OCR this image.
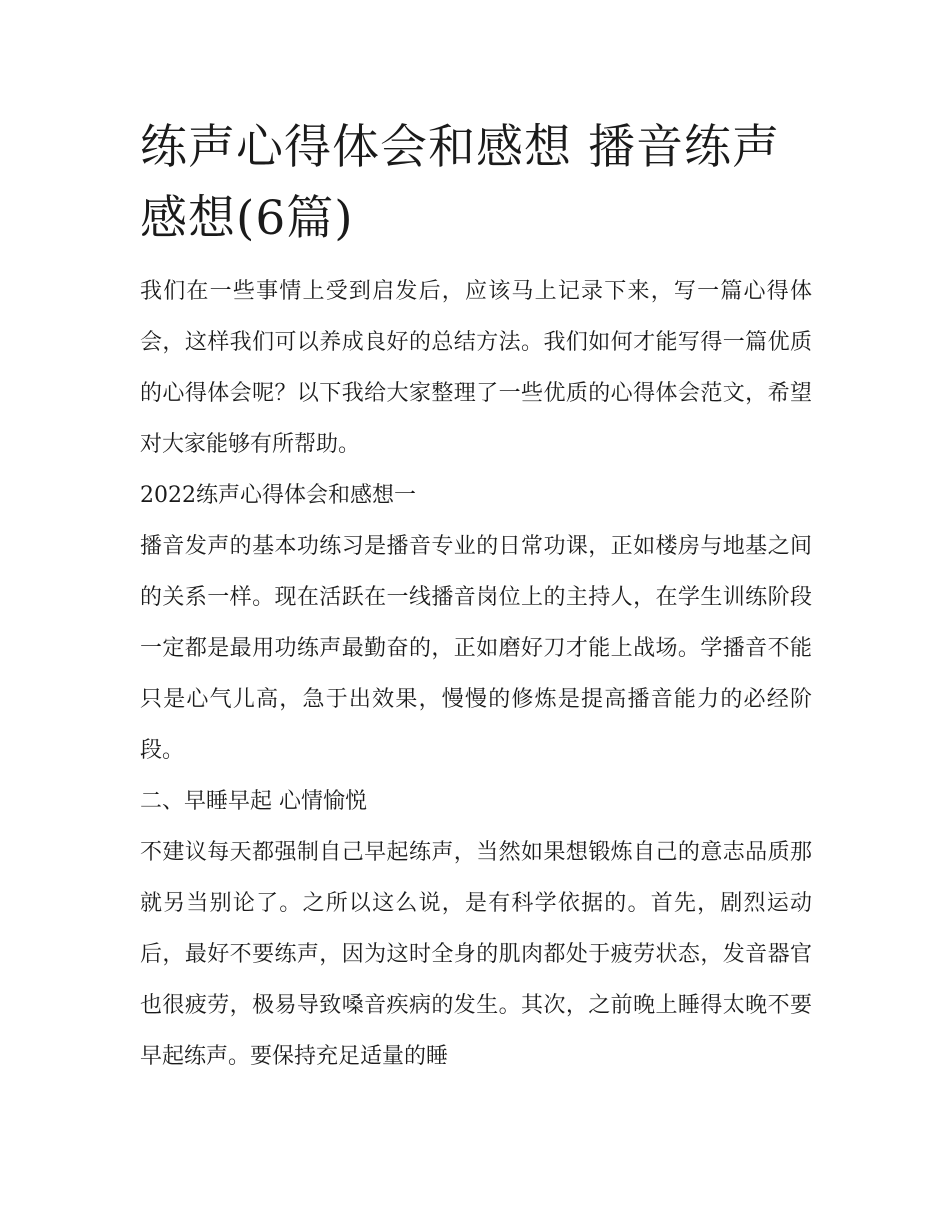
练声心得体会和感想 播音练声感想(6篇)

我们在一些事情上受到启发后，应该马上记录下来，写一篇心得体会，这样我们可以养成良好的总结方法。我们如何才能写得一篇优质的心得体会呢？以下我给大家整理了一些优质的心得体会范文，希望对大家能够有所帮助。

2022练声心得体会和感想一

播音发声的基本功练习是播音专业的日常功课，正如楼房与地基之间的关系一样。现在活跃在一线播音岗位上的主持人，在学生训练阶段一定都是最用功练声最勤奋的，正如磨好刀才能上战场。学播音不能只是心气儿高，急于出效果，慢慢的修炼是提高播音能力的必经阶段。

二、早睡早起 心情愉悦

不建议每天都强制自己早起练声，当然如果想锻炼自己的意志品质那就另当别论了。之所以这么说，是有科学依据的。首先，剧烈运动后，最好不要练声，因为这时全身的肌肉都处于疲劳状态，发音器官也很疲劳，极易导致嗓音疾病的发生。其次，之前晚上睡得太晚不要早起练声。要保持充足适量的睡
